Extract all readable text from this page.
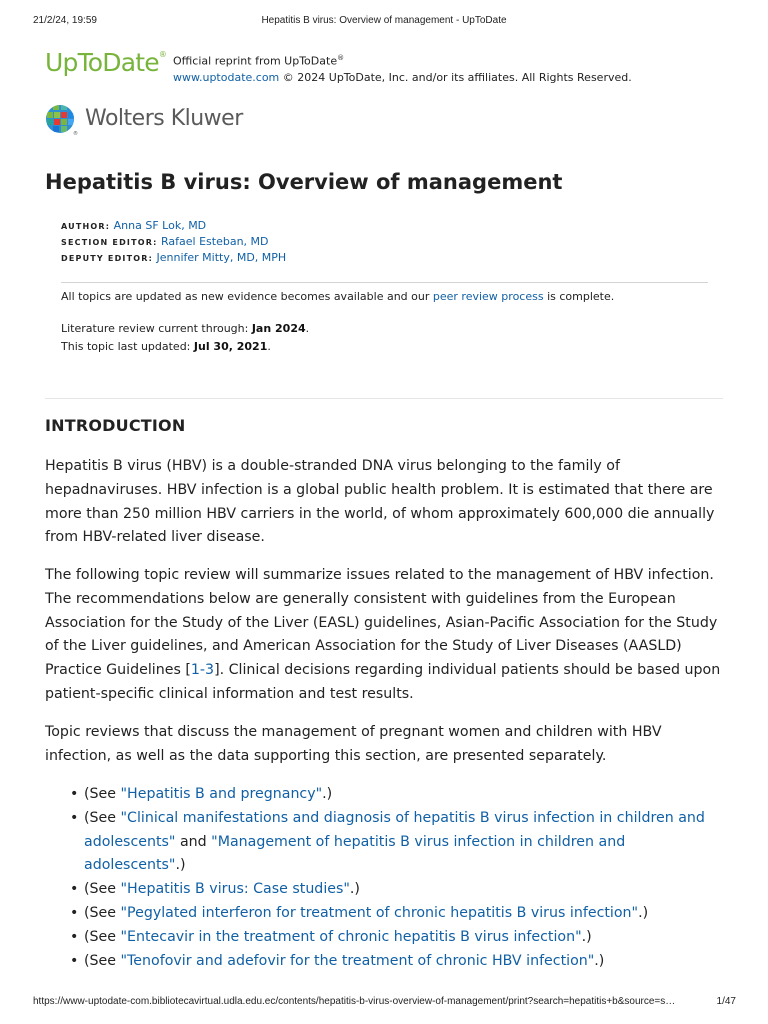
21/2/24, 19:59	Hepatitis B virus: Overview of management - UpToDate
UpToDate®
Official reprint from UpToDate®
www.uptodate.com © 2024 UpToDate, Inc. and/or its affiliates. All Rights Reserved.
®
Wolters Kluwer
Hepatitis B virus: Overview of management
AUTHOR: Anna SF Lok, MD
SECTION EDITOR: Rafael Esteban, MD
DEPUTY EDITOR: Jennifer Mitty, MD, MPH
All topics are updated as new evidence becomes available and our peer review process is complete.
Literature review current through: Jan 2024.
This topic last updated: Jul 30, 2021.
INTRODUCTION

Hepatitis B virus (HBV) is a double-stranded DNA virus belonging to the family of hepadnaviruses. HBV infection is a global public health problem. It is estimated that there are more than 250 million HBV carriers in the world, of whom approximately 600,000 die annually from HBV-related liver disease.

The following topic review will summarize issues related to the management of HBV infection. The recommendations below are generally consistent with guidelines from the European Association for the Study of the Liver (EASL) guidelines, Asian-Pacific Association for the Study of the Liver guidelines, and American Association for the Study of Liver Diseases (AASLD) Practice Guidelines [1-3]. Clinical decisions regarding individual patients should be based upon patient-specific clinical information and test results.

Topic reviews that discuss the management of pregnant women and children with HBV infection, as well as the data supporting this section, are presented separately.

• (See "Hepatitis B and pregnancy".)
• (See "Clinical manifestations and diagnosis of hepatitis B virus infection in children and adolescents" and "Management of hepatitis B virus infection in children and adolescents".)
• (See "Hepatitis B virus: Case studies".)
• (See "Pegylated interferon for treatment of chronic hepatitis B virus infection".)
• (See "Entecavir in the treatment of chronic hepatitis B virus infection".)
• (See "Tenofovir and adefovir for the treatment of chronic HBV infection".)
https://www-uptodate-com.bibliotecavirtual.udla.edu.ec/contents/hepatitis-b-virus-overview-of-management/print?search=hepatitis+b&source=s…	1/47
